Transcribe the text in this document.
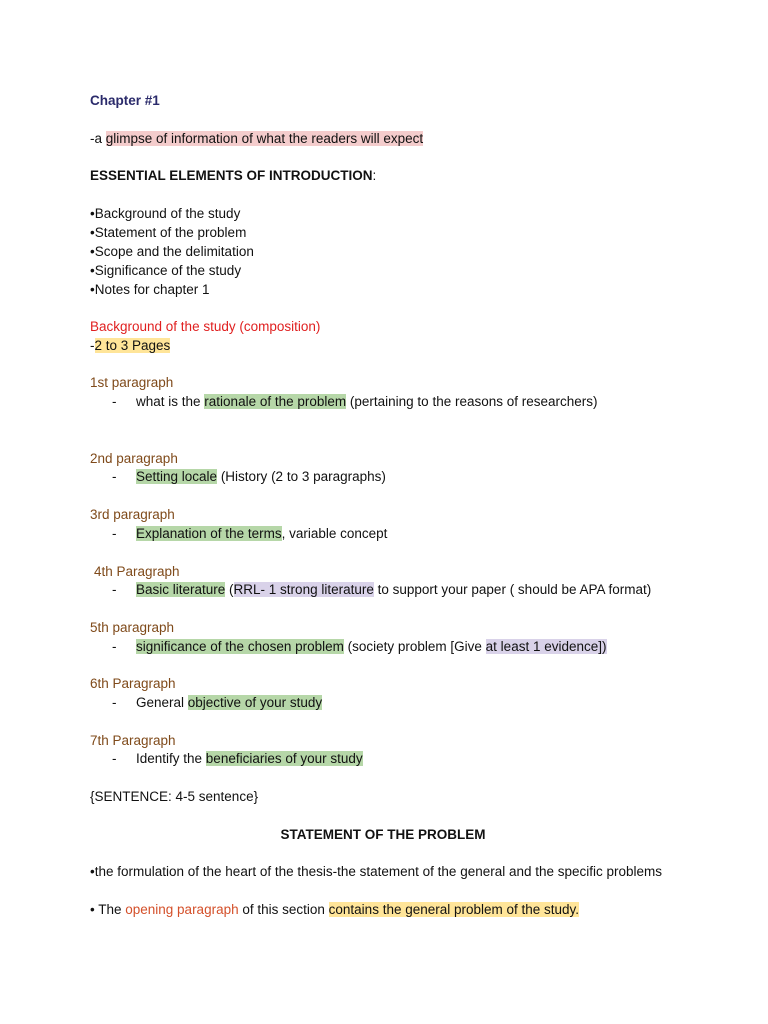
Chapter #1
-a glimpse of information of what the readers will expect
ESSENTIAL ELEMENTS OF INTRODUCTION:
•Background of the study
•Statement of the problem
•Scope and the delimitation
•Significance of the study
•Notes for chapter 1
Background of the study (composition)
-2 to 3 Pages
1st paragraph
- what is the rationale of the problem (pertaining to the reasons of researchers)
2nd paragraph
- Setting locale (History (2 to 3 paragraphs)
3rd paragraph
- Explanation of the terms, variable concept
4th Paragraph
- Basic literature (RRL- 1 strong literature to support your paper ( should be APA format)
5th paragraph
- significance of the chosen problem (society problem [Give at least 1 evidence])
6th Paragraph
- General objective of your study
7th Paragraph
- Identify the beneficiaries of your study
{SENTENCE: 4-5 sentence}
STATEMENT OF THE PROBLEM
•the formulation of the heart of the thesis-the statement of the general and the specific problems
• The opening paragraph of this section contains the general problem of the study.
